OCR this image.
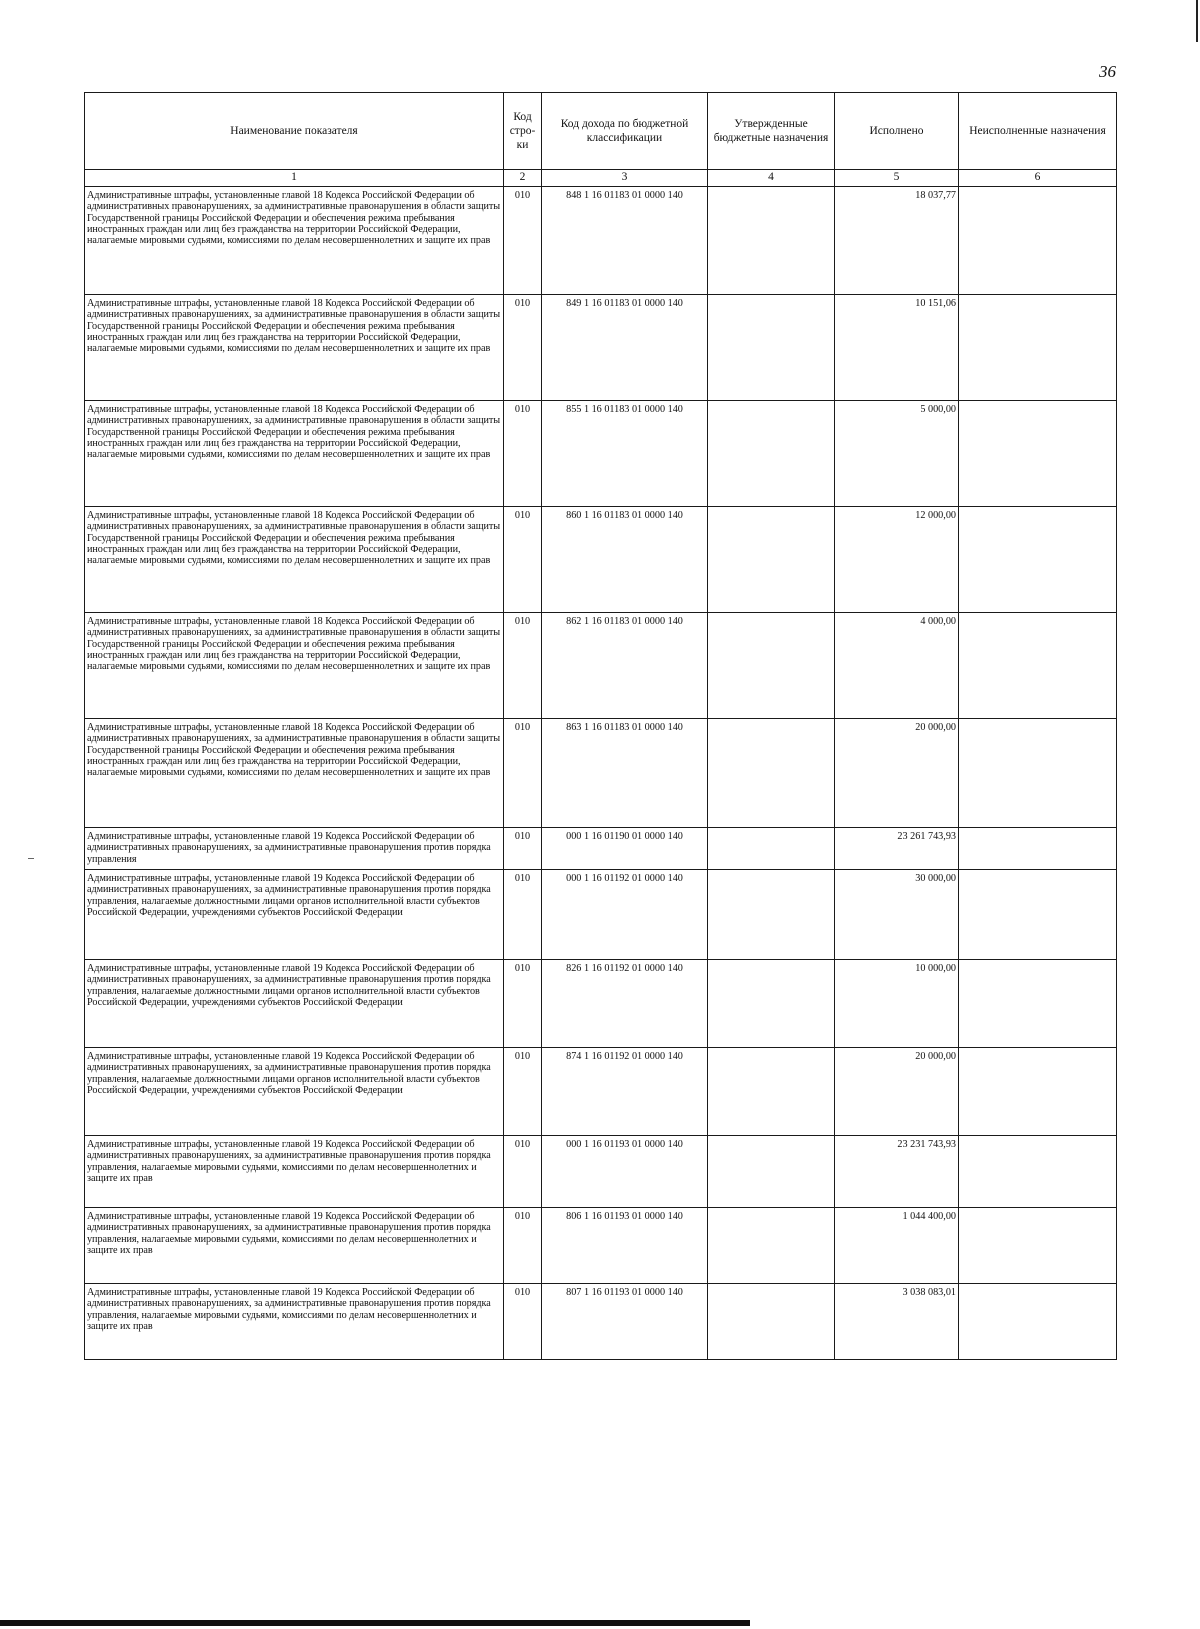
36
Наименование показателя	Код стро-ки	Код дохода по бюджетной классификации	Утвержденные бюджетные назначения	Исполнено	Неисполненные назначения
1	2	3	4	5	6
Административные штрафы, установленные главой 18 Кодекса Российской Федерации об административных правонарушениях, за административные правонарушения в области защиты Государственной границы Российской Федерации и обеспечения режима пребывания иностранных граждан или лиц без гражданства на территории Российской Федерации, налагаемые мировыми судьями, комиссиями по делам несовершеннолетних и защите их прав	010	848 1 16 01183 01 0000 140		18 037,77	
Административные штрафы, установленные главой 18 Кодекса Российской Федерации об административных правонарушениях, за административные правонарушения в области защиты Государственной границы Российской Федерации и обеспечения режима пребывания иностранных граждан или лиц без гражданства на территории Российской Федерации, налагаемые мировыми судьями, комиссиями по делам несовершеннолетних и защите их прав	010	849 1 16 01183 01 0000 140		10 151,06	
Административные штрафы, установленные главой 18 Кодекса Российской Федерации об административных правонарушениях, за административные правонарушения в области защиты Государственной границы Российской Федерации и обеспечения режима пребывания иностранных граждан или лиц без гражданства на территории Российской Федерации, налагаемые мировыми судьями, комиссиями по делам несовершеннолетних и защите их прав	010	855 1 16 01183 01 0000 140		5 000,00	
Административные штрафы, установленные главой 18 Кодекса Российской Федерации об административных правонарушениях, за административные правонарушения в области защиты Государственной границы Российской Федерации и обеспечения режима пребывания иностранных граждан или лиц без гражданства на территории Российской Федерации, налагаемые мировыми судьями, комиссиями по делам несовершеннолетних и защите их прав	010	860 1 16 01183 01 0000 140		12 000,00	
Административные штрафы, установленные главой 18 Кодекса Российской Федерации об административных правонарушениях, за административные правонарушения в области защиты Государственной границы Российской Федерации и обеспечения режима пребывания иностранных граждан или лиц без гражданства на территории Российской Федерации, налагаемые мировыми судьями, комиссиями по делам несовершеннолетних и защите их прав	010	862 1 16 01183 01 0000 140		4 000,00	
Административные штрафы, установленные главой 18 Кодекса Российской Федерации об административных правонарушениях, за административные правонарушения в области защиты Государственной границы Российской Федерации и обеспечения режима пребывания иностранных граждан или лиц без гражданства на территории Российской Федерации, налагаемые мировыми судьями, комиссиями по делам несовершеннолетних и защите их прав	010	863 1 16 01183 01 0000 140		20 000,00	
Административные штрафы, установленные главой 19 Кодекса Российской Федерации об административных правонарушениях, за административные правонарушения против порядка управления	010	000 1 16 01190 01 0000 140		23 261 743,93	
Административные штрафы, установленные главой 19 Кодекса Российской Федерации об административных правонарушениях, за административные правонарушения против порядка управления, налагаемые должностными лицами органов исполнительной власти субъектов Российской Федерации, учреждениями субъектов Российской Федерации	010	000 1 16 01192 01 0000 140		30 000,00	
Административные штрафы, установленные главой 19 Кодекса Российской Федерации об административных правонарушениях, за административные правонарушения против порядка управления, налагаемые должностными лицами органов исполнительной власти субъектов Российской Федерации, учреждениями субъектов Российской Федерации	010	826 1 16 01192 01 0000 140		10 000,00	
Административные штрафы, установленные главой 19 Кодекса Российской Федерации об административных правонарушениях, за административные правонарушения против порядка управления, налагаемые должностными лицами органов исполнительной власти субъектов Российской Федерации, учреждениями субъектов Российской Федерации	010	874 1 16 01192 01 0000 140		20 000,00	
Административные штрафы, установленные главой 19 Кодекса Российской Федерации об административных правонарушениях, за административные правонарушения против порядка управления, налагаемые мировыми судьями, комиссиями по делам несовершеннолетних и защите их прав	010	000 1 16 01193 01 0000 140		23 231 743,93	
Административные штрафы, установленные главой 19 Кодекса Российской Федерации об административных правонарушениях, за административные правонарушения против порядка управления, налагаемые мировыми судьями, комиссиями по делам несовершеннолетних и защите их прав	010	806 1 16 01193 01 0000 140		1 044 400,00	
Административные штрафы, установленные главой 19 Кодекса Российской Федерации об административных правонарушениях, за административные правонарушения против порядка управления, налагаемые мировыми судьями, комиссиями по делам несовершеннолетних и защите их прав	010	807 1 16 01193 01 0000 140		3 038 083,01	
